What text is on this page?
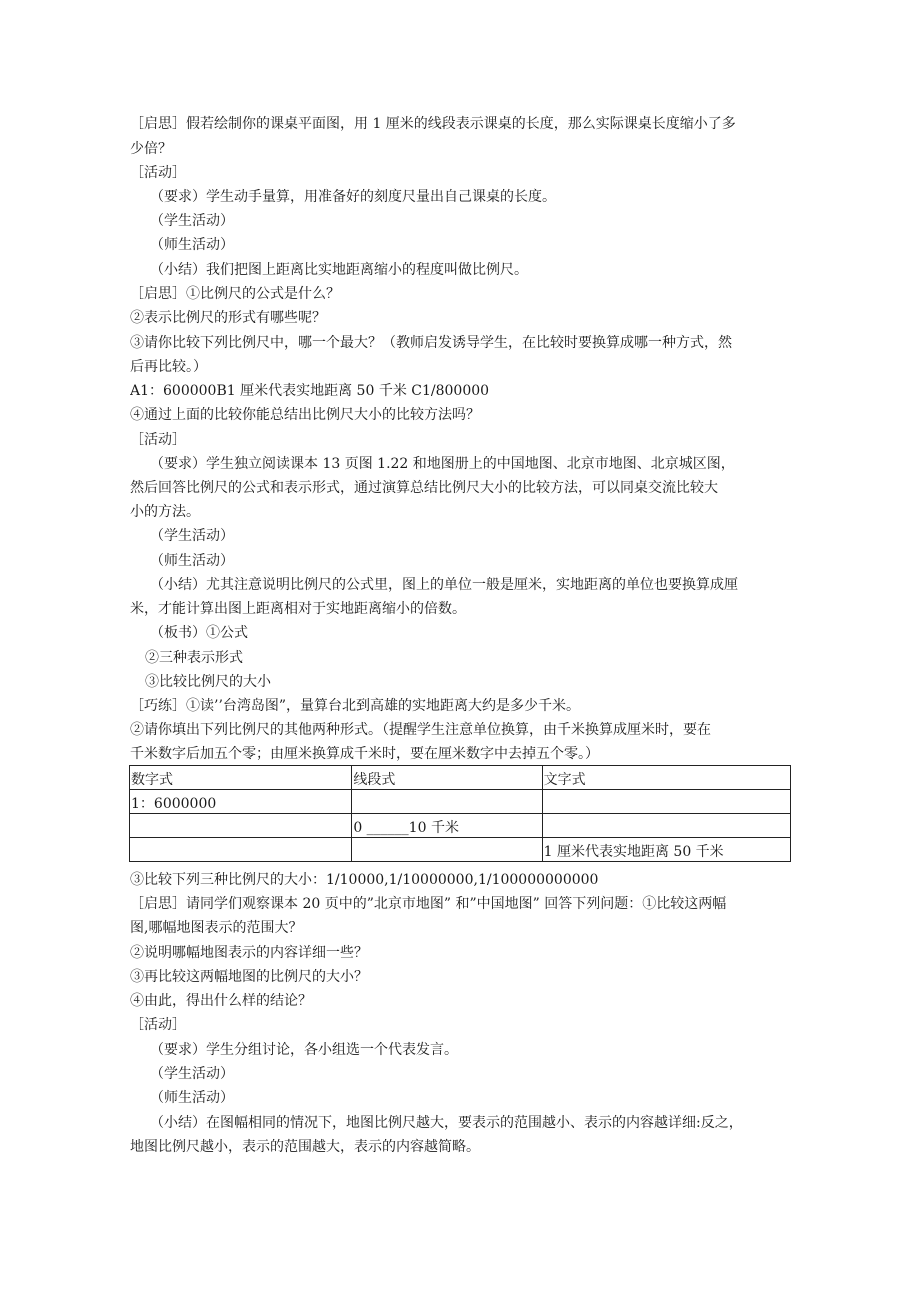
［启思］假若绘制你的课桌平面图，用 1 厘米的线段表示课桌的长度，那么实际课桌长度缩小了多
少倍？
［活动］
（要求）学生动手量算，用准备好的刻度尺量出自己课桌的长度。
（学生活动）
（师生活动）
（小结）我们把图上距离比实地距离缩小的程度叫做比例尺。
［启思］①比例尺的公式是什么？
②表示比例尺的形式有哪些呢？
③请你比较下列比例尺中，哪一个最大？（教师启发诱导学生，在比较时要换算成哪一种方式，然
后再比较。）
A1：600000B1 厘米代表实地距离 50 千米 C1/800000
④通过上面的比较你能总结出比例尺大小的比较方法吗？
［活动］
（要求）学生独立阅读课本 13 页图 1.22 和地图册上的中国地图、北京市地图、北京城区图，
然后回答比例尺的公式和表示形式，通过演算总结比例尺大小的比较方法，可以同桌交流比较大
小的方法。
（学生活动）
（师生活动）
（小结）尤其注意说明比例尺的公式里，图上的单位一般是厘米，实地距离的单位也要换算成厘
米，才能计算出图上距离相对于实地距离缩小的倍数。
（板书）①公式
②三种表示形式
③比较比例尺的大小
［巧练］①读’’台湾岛图”，量算台北到高雄的实地距离大约是多少千米。
②请你填出下列比例尺的其他两种形式。（提醒学生注意单位换算，由千米换算成厘米时，要在
千米数字后加五个零；由厘米换算成千米时，要在厘米数字中去掉五个零。）
数字式	线段式	文字式
1：6000000		
	0 ______10 千米	
		1 厘米代表实地距离 50 千米
③比较下列三种比例尺的大小：1/10000,1/10000000,1/100000000000
［启思］请同学们观察课本 20 页中的”北京市地图” 和”中国地图” 回答下列问题：①比较这两幅
图,哪幅地图表示的范围大？
②说明哪幅地图表示的内容详细一些？
③再比较这两幅地图的比例尺的大小？
④由此，得出什么样的结论？
［活动］
（要求）学生分组讨论，各小组选一个代表发言。
（学生活动）
（师生活动）
（小结）在图幅相同的情况下，地图比例尺越大，要表示的范围越小、表示的内容越详细:反之，
地图比例尺越小，表示的范围越大，表示的内容越简略。
